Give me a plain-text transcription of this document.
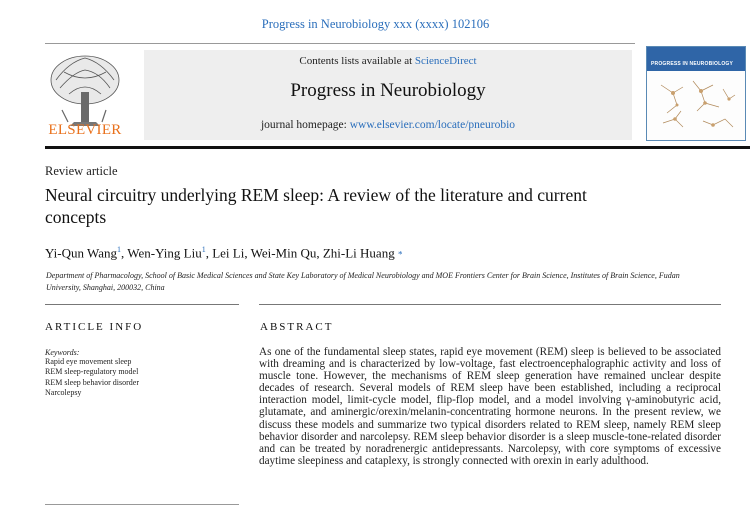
Progress in Neurobiology xxx (xxxx) 102106
ELSEVIER
Contents lists available at ScienceDirect
Progress in Neurobiology
journal homepage: www.elsevier.com/locate/pneurobio
PROGRESS IN NEUROBIOLOGY
Review article
Neural circuitry underlying REM sleep: A review of the literature and current concepts
Yi-Qun Wang$^1$, Wen-Ying Liu$^1$, Lei Li, Wei-Min Qu, Zhi-Li Huang *
Department of Pharmacology, School of Basic Medical Sciences and State Key Laboratory of Medical Neurobiology and MOE Frontiers Center for Brain Science, Institutes of Brain Science, Fudan University, Shanghai, 200032, China
ARTICLE INFO	ABSTRACT
Keywords:
Rapid eye movement sleep
REM sleep-regulatory model
REM sleep behavior disorder
Narcolepsy

As one of the fundamental sleep states, rapid eye movement (REM) sleep is believed to be associated with dreaming and is characterized by low-voltage, fast electroencephalographic activity and loss of muscle tone. However, the mechanisms of REM sleep generation have remained unclear despite decades of research. Several models of REM sleep have been established, including a reciprocal interaction model, limit-cycle model, flip-flop model, and a model involving γ-aminobutyric acid, glutamate, and aminergic/orexin/melanin-concentrating hormone neurons. In the present review, we discuss these models and summarize two typical disorders related to REM sleep, namely REM sleep behavior disorder and narcolepsy. REM sleep behavior disorder is a sleep muscle-tone-related disorder and can be treated by noradrenergic antidepressants. Narcolepsy, with core symptoms of excessive daytime sleepiness and cataplexy, is strongly connected with orexin in early adulthood.
